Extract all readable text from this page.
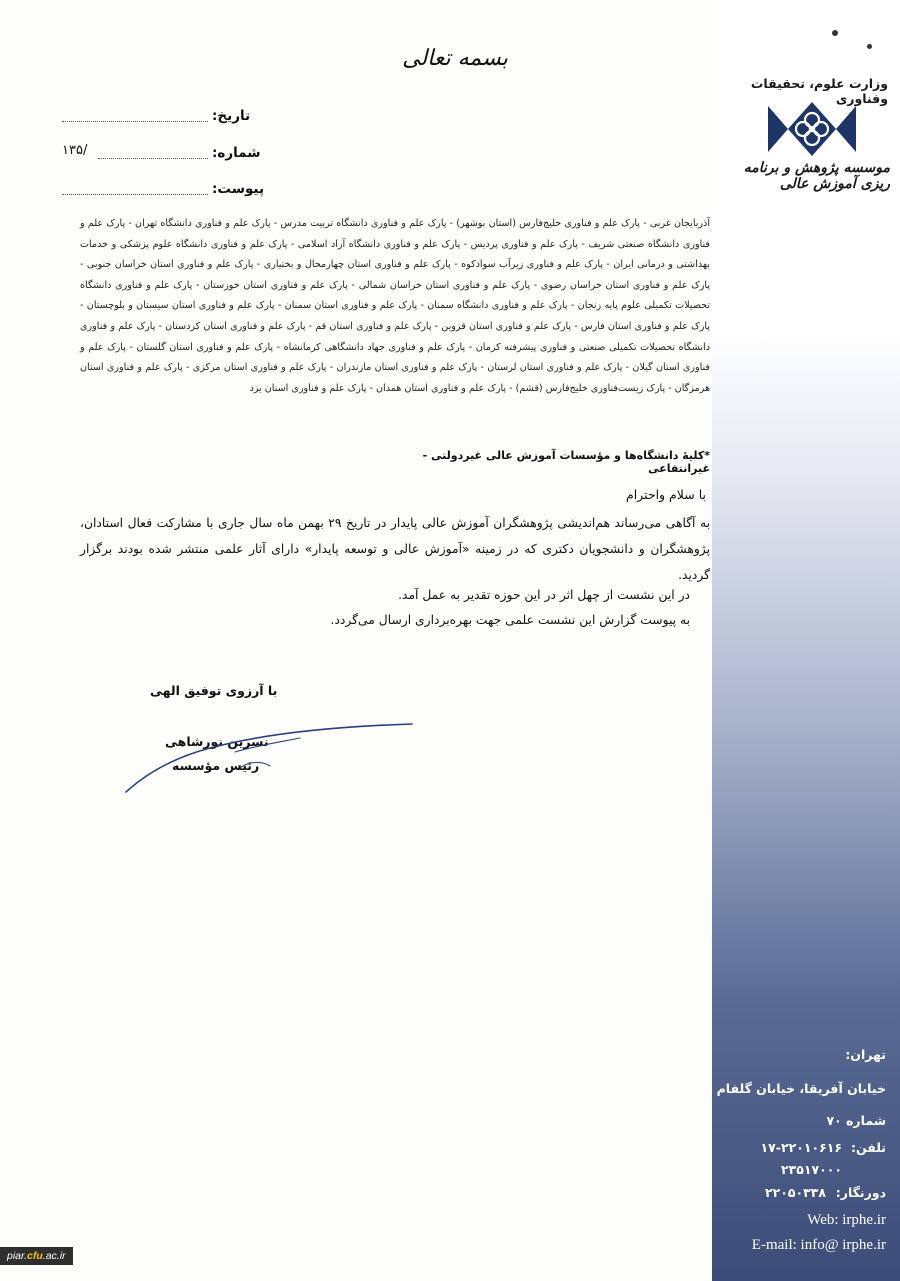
وزارت علوم، تحقیقات وفناوری
موسسه پژوهش و برنامه ریزی آموزش عالی
بسمه تعالی
تاریخ:
شماره:
۱۳۵/
پیوست:
آذربایجان غربی - پارک علم و فناوری خلیج‌فارس (استان بوشهر) - پارک علم و فناوری دانشگاه تربیت مدرس - پارک علم و فناوری دانشگاه تهران - پارک علم و فناوری دانشگاه صنعتی شریف - پارک علم و فناوری پردیس - پارک علم و فناوری دانشگاه آزاد اسلامی - پارک علم و فناوری دانشگاه علوم پزشکی و خدمات بهداشتی و درمانی ایران - پارک علم و فناوری زیرآب سوادکوه - پارک علم و فناوری استان چهارمحال و بختیاری - پارک علم و فناوری استان خراسان جنوبی - پارک علم و فناوری استان خراسان رضوی - پارک علم و فناوری استان خراسان شمالی - پارک علم و فناوری استان خوزستان - پارک علم و فناوری دانشگاه تحصیلات تکمیلی علوم پایه زنجان - پارک علم و فناوری دانشگاه سمنان - پارک علم و فناوری استان سمنان - پارک علم و فناوری استان سیستان و بلوچستان - پارک علم و فناوری استان فارس - پارک علم و فناوری استان قزوین - پارک علم و فناوری استان قم - پارک علم و فناوری استان کردستان - پارک علم و فناوری دانشگاه تحصیلات تکمیلی صنعتی و فناوری پیشرفته کرمان - پارک علم و فناوری جهاد دانشگاهی کرمانشاه - پارک علم و فناوری استان گلستان - پارک علم و فناوری استان گیلان - پارک علم و فناوری استان لرستان - پارک علم و فناوری استان مازندران - پارک علم و فناوری استان مرکزی - پارک علم و فناوری استان هرمزگان - پارک زیست‌فناوری خلیج‌فارس (قشم) - پارک علم و فناوری استان همدان - پارک علم و فناوری استان یزد
*کلیهٔ دانشگاه‌ها و مؤسسات آموزش عالی غیردولتی - غیرانتفاعی
با سلام واحترام
به آگاهی می‌رساند هم‌اندیشی پژوهشگران آموزش عالی پایدار در تاریخ ۲۹ بهمن ماه سال جاری با مشارکت فعال استادان، پژوهشگران و دانشجویان دکتری که در زمینه «آموزش عالی و توسعه پایدار» دارای آثار علمی منتشر شده بودند برگزار گردید.
در این نشست از چهل اثر در این حوزه تقدیر به عمل آمد.
به پیوست گزارش این نشست علمی جهت بهره‌برداری ارسال می‌گردد.
با آرزوی توفیق الهی
نسرین نورشاهی
رئیس مؤسسه
تهران:
خیابان آفریقا، خیابان گلفام
شماره ۷۰
تلفن:
۱۷-۲۲۰۱۰۶۱۶
۲۳۵۱۷۰۰۰
دورنگار:
۲۲۰۵۰۳۳۸
Web: irphe.ir
E-mail: info@ irphe.ir
piar.cfu.ac.ir
